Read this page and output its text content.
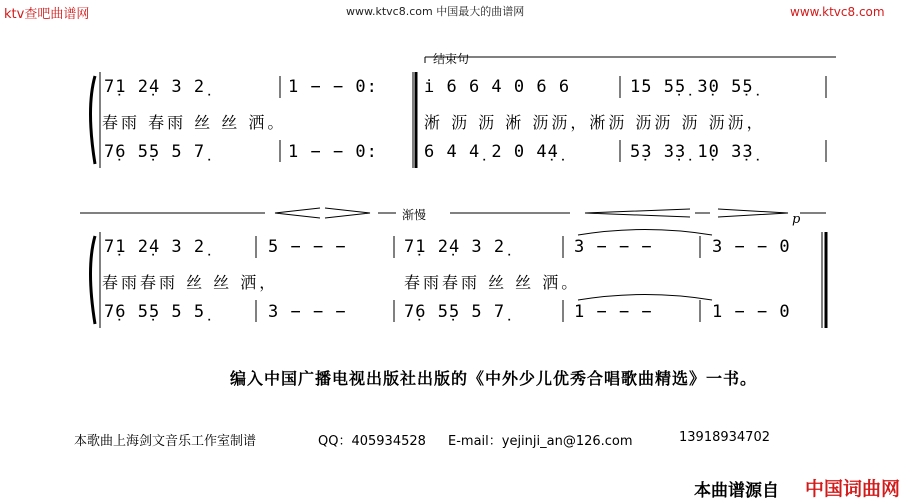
ktv查吧曲谱网	www.ktvc8.com 中国最大的曲谱网	www.ktvc8.com
结束句
7̣1 2̣4 3 2̣	1 − − 0:	i̇ 6 6 4 0 6 6	1̇5 5̣5̣ 3̣0 5̣5̣
春雨 春雨 丝 丝 洒。	淅 沥 沥 淅 沥沥，淅沥 沥沥 沥 沥沥，
7̣6 5̣5 5 7̣	1 − − 0:	6 4 4̣ 2 0 4̣4̣	5̣3 3̣3̣ 1̣0 3̣3̣
渐慢	p
7̣1 2̣4 3 2̣	5 − − −	7̣1 2̣4 3 2̣	3 − − −	3 − − 0
春雨春雨 丝 丝 洒，	春雨春雨 丝 丝 洒。
7̣6 5̣5 5 5̣	3 − − −	7̣6 5̣5 5 7̣	1 − − −	1 − − 0
编入中国广播电视出版社出版的《中外少儿优秀合唱歌曲精选》一书。
本歌曲上海剑文音乐工作室制谱	QQ：405934528 E-mail：yejinji_an@126.com	13918934702
本曲谱源自 中国词曲网
